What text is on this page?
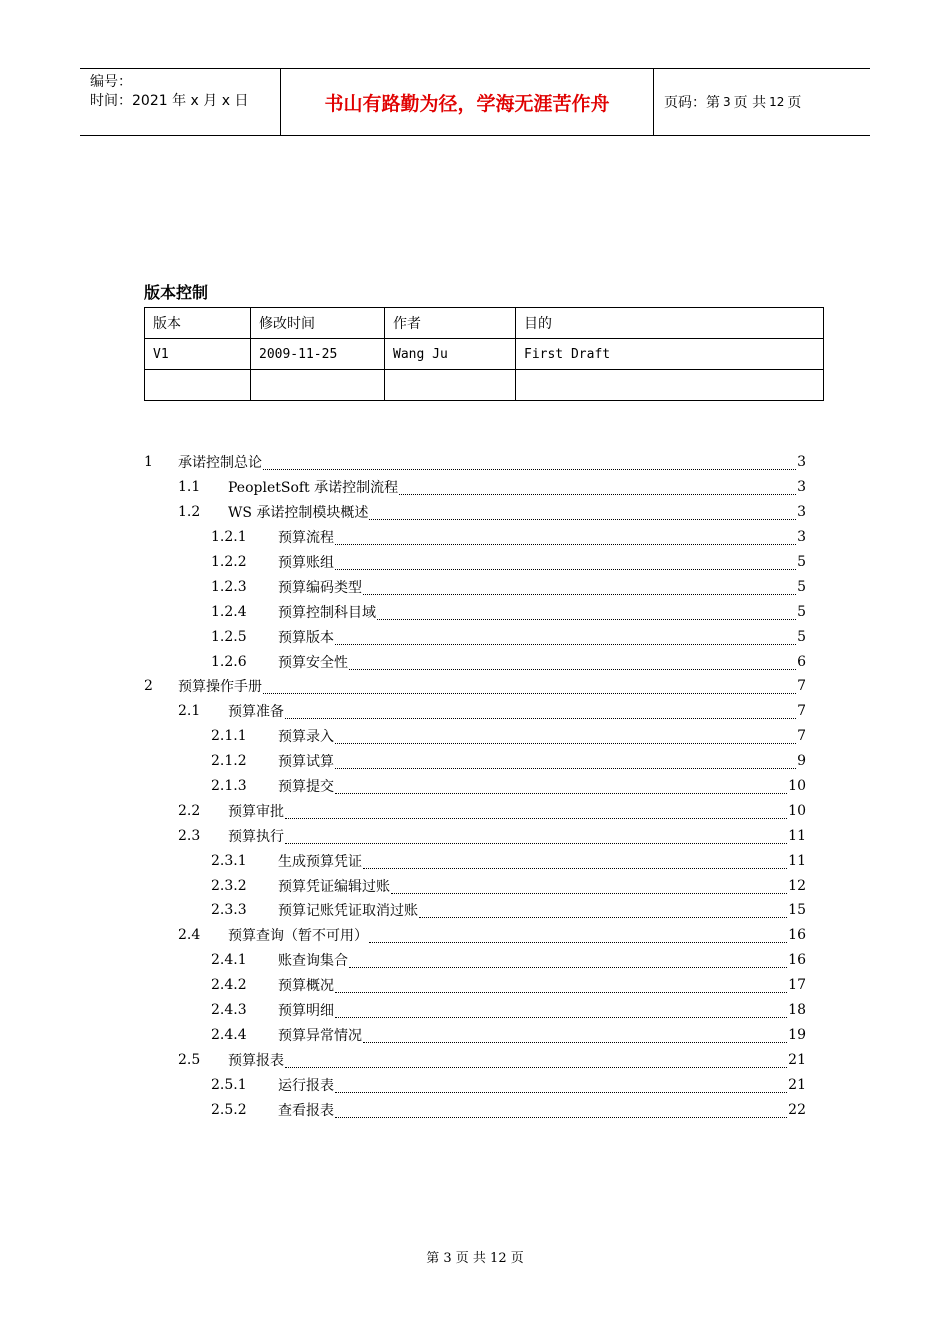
编号：
时间：2021 年 x 月 x 日	书山有路勤为径，学海无涯苦作舟	页码：第 3 页 共 12 页
版本控制
版本	修改时间	作者	目的
V1	2009-11-25	Wang Ju	First Draft

1	承诺控制总论	3
1.1	PeopletSoft 承诺控制流程	3
1.2	WS 承诺控制模块概述	3
1.2.1	预算流程	3
1.2.2	预算账组	5
1.2.3	预算编码类型	5
1.2.4	预算控制科目域	5
1.2.5	预算版本	5
1.2.6	预算安全性	6
2	预算操作手册	7
2.1	预算准备	7
2.1.1	预算录入	7
2.1.2	预算试算	9
2.1.3	预算提交	10
2.2	预算审批	10
2.3	预算执行	11
2.3.1	生成预算凭证	11
2.3.2	预算凭证编辑过账	12
2.3.3	预算记账凭证取消过账	15
2.4	预算查询（暂不可用）	16
2.4.1	账查询集合	16
2.4.2	预算概况	17
2.4.3	预算明细	18
2.4.4	预算异常情况	19
2.5	预算报表	21
2.5.1	运行报表	21
2.5.2	查看报表	22
第 3 页 共 12 页
